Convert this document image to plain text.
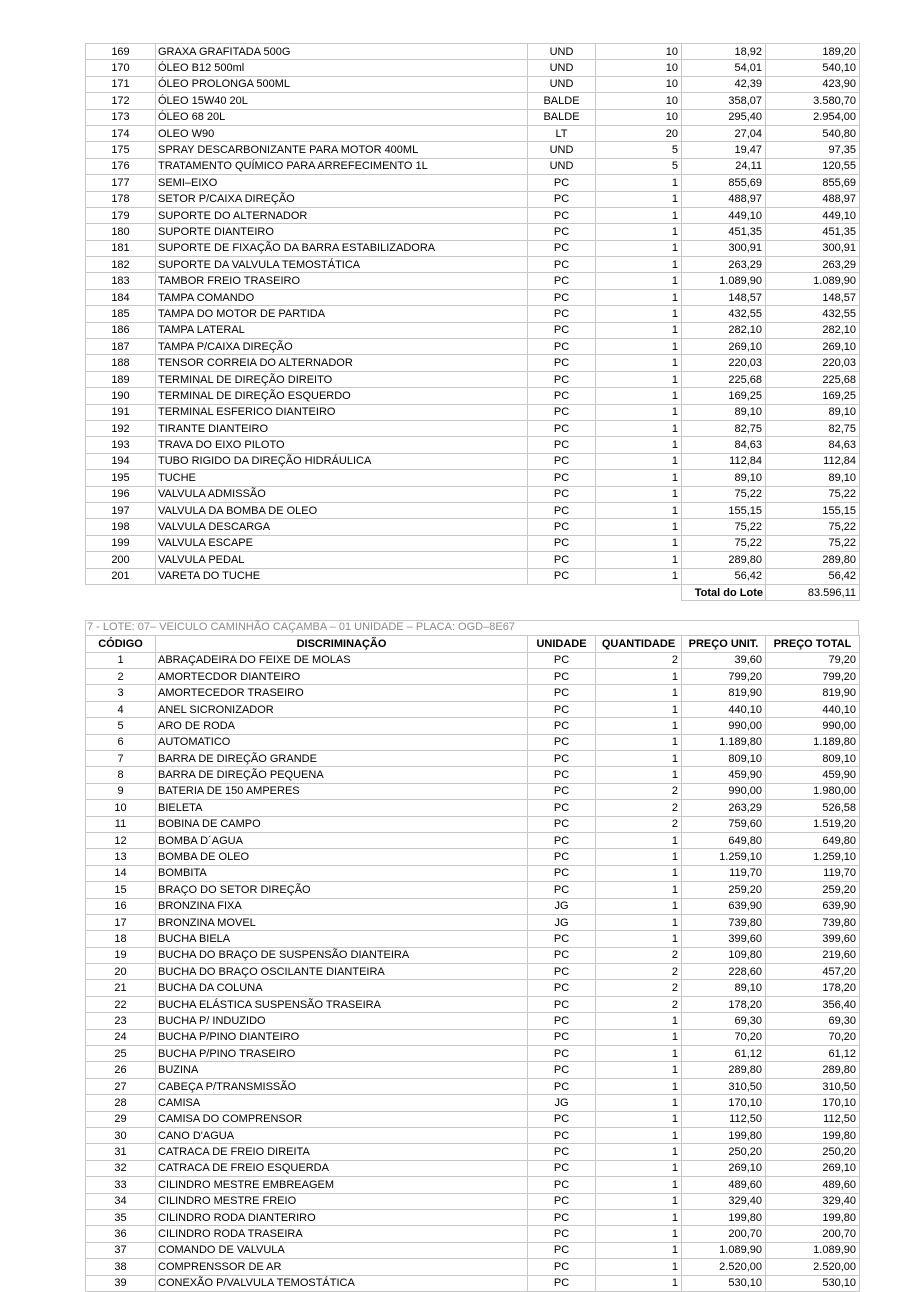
169	GRAXA GRAFITADA 500G	UND	10	18,92	189,20
170	ÓLEO B12 500ml	UND	10	54,01	540,10
171	ÓLEO PROLONGA 500ML	UND	10	42,39	423,90
172	ÓLEO 15W40 20L	BALDE	10	358,07	3.580,70
173	ÓLEO 68 20L	BALDE	10	295,40	2.954,00
174	OLEO W90	LT	20	27,04	540,80
175	SPRAY DESCARBONIZANTE PARA MOTOR 400ML	UND	5	19,47	97,35
176	TRATAMENTO QUÍMICO PARA ARREFECIMENTO 1L	UND	5	24,11	120,55
177	SEMI–EIXO	PC	1	855,69	855,69
178	SETOR P/CAIXA DIREÇÃO	PC	1	488,97	488,97
179	SUPORTE DO ALTERNADOR	PC	1	449,10	449,10
180	SUPORTE DIANTEIRO	PC	1	451,35	451,35
181	SUPORTE DE FIXAÇÃO DA BARRA ESTABILIZADORA	PC	1	300,91	300,91
182	SUPORTE DA VALVULA TEMOSTÁTICA	PC	1	263,29	263,29
183	TAMBOR FREIO TRASEIRO	PC	1	1.089,90	1.089,90
184	TAMPA COMANDO	PC	1	148,57	148,57
185	TAMPA DO MOTOR DE PARTIDA	PC	1	432,55	432,55
186	TAMPA LATERAL	PC	1	282,10	282,10
187	TAMPA P/CAIXA DIREÇÃO	PC	1	269,10	269,10
188	TENSOR CORREIA DO ALTERNADOR	PC	1	220,03	220,03
189	TERMINAL DE DIREÇÃO DIREITO	PC	1	225,68	225,68
190	TERMINAL DE DIREÇÃO ESQUERDO	PC	1	169,25	169,25
191	TERMINAL ESFERICO DIANTEIRO	PC	1	89,10	89,10
192	TIRANTE DIANTEIRO	PC	1	82,75	82,75
193	TRAVA DO EIXO PILOTO	PC	1	84,63	84,63
194	TUBO RIGIDO DA DIREÇÃO HIDRÁULICA	PC	1	112,84	112,84
195	TUCHE	PC	1	89,10	89,10
196	VALVULA ADMISSÃO	PC	1	75,22	75,22
197	VALVULA DA BOMBA DE OLEO	PC	1	155,15	155,15
198	VALVULA DESCARGA	PC	1	75,22	75,22
199	VALVULA ESCAPE	PC	1	75,22	75,22
200	VALVULA PEDAL	PC	1	289,80	289,80
201	VARETA DO TUCHE	PC	1	56,42	56,42
				Total do Lote	83.596,11
7 - LOTE: 07– VEICULO CAMINHÃO CAÇAMBA – 01 UNIDADE – PLACA: OGD–8E67
CÓDIGO	DISCRIMINAÇÃO	UNIDADE	QUANTIDADE	PREÇO UNIT.	PREÇO TOTAL
1	ABRAÇADEIRA DO FEIXE DE MOLAS	PC	2	39,60	79,20
2	AMORTECDOR DIANTEIRO	PC	1	799,20	799,20
3	AMORTECEDOR TRASEIRO	PC	1	819,90	819,90
4	ANEL SICRONIZADOR	PC	1	440,10	440,10
5	ARO DE RODA	PC	1	990,00	990,00
6	AUTOMATICO	PC	1	1.189,80	1.189,80
7	BARRA DE DIREÇÃO GRANDE	PC	1	809,10	809,10
8	BARRA DE DIREÇÃO PEQUENA	PC	1	459,90	459,90
9	BATERIA DE 150 AMPERES	PC	2	990,00	1.980,00
10	BIELETA	PC	2	263,29	526,58
11	BOBINA DE CAMPO	PC	2	759,60	1.519,20
12	BOMBA D´AGUA	PC	1	649,80	649,80
13	BOMBA DE OLEO	PC	1	1.259,10	1.259,10
14	BOMBITA	PC	1	119,70	119,70
15	BRAÇO DO SETOR DIREÇÃO	PC	1	259,20	259,20
16	BRONZINA FIXA	JG	1	639,90	639,90
17	BRONZINA MOVEL	JG	1	739,80	739,80
18	BUCHA BIELA	PC	1	399,60	399,60
19	BUCHA DO BRAÇO DE SUSPENSÃO DIANTEIRA	PC	2	109,80	219,60
20	BUCHA DO BRAÇO OSCILANTE DIANTEIRA	PC	2	228,60	457,20
21	BUCHA DA COLUNA	PC	2	89,10	178,20
22	BUCHA ELÁSTICA SUSPENSÃO TRASEIRA	PC	2	178,20	356,40
23	BUCHA P/ INDUZIDO	PC	1	69,30	69,30
24	BUCHA P/PINO DIANTEIRO	PC	1	70,20	70,20
25	BUCHA P/PINO TRASEIRO	PC	1	61,12	61,12
26	BUZINA	PC	1	289,80	289,80
27	CABEÇA P/TRANSMISSÃO	PC	1	310,50	310,50
28	CAMISA	JG	1	170,10	170,10
29	CAMISA DO COMPRENSOR	PC	1	112,50	112,50
30	CANO D'AGUA	PC	1	199,80	199,80
31	CATRACA DE FREIO DIREITA	PC	1	250,20	250,20
32	CATRACA DE FREIO ESQUERDA	PC	1	269,10	269,10
33	CILINDRO MESTRE EMBREAGEM	PC	1	489,60	489,60
34	CILINDRO MESTRE FREIO	PC	1	329,40	329,40
35	CILINDRO RODA DIANTERIRO	PC	1	199,80	199,80
36	CILINDRO RODA TRASEIRA	PC	1	200,70	200,70
37	COMANDO DE VALVULA	PC	1	1.089,90	1.089,90
38	COMPRENSSOR DE AR	PC	1	2.520,00	2.520,00
39	CONEXÃO P/VALVULA TEMOSTÁTICA	PC	1	530,10	530,10
